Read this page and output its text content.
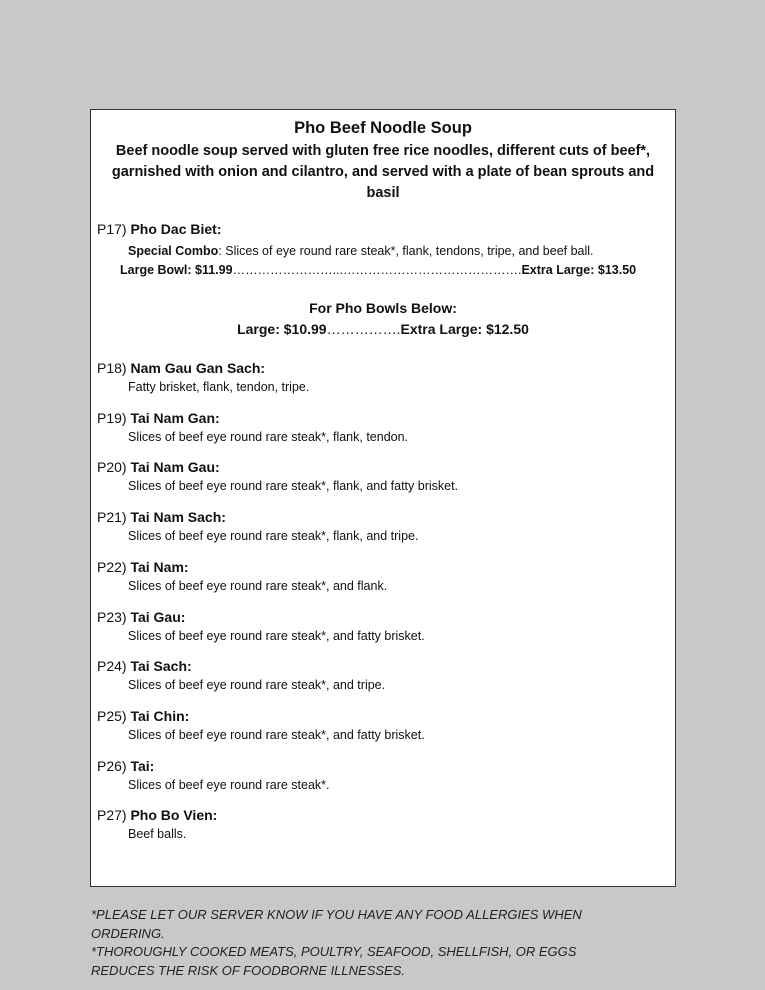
Pho Beef Noodle Soup
Beef noodle soup served with gluten free rice noodles, different cuts of beef*, garnished with onion and cilantro, and served with a plate of bean sprouts and basil
P17) Pho Dac Biet:
Special Combo: Slices of eye round rare steak*, flank, tendons, tripe, and beef ball.
Large Bowl: $11.99……………………...…………………………………….Extra Large: $13.50
For Pho Bowls Below:
Large: $10.99…………….Extra Large: $12.50
P18) Nam Gau Gan Sach:
Fatty brisket, flank, tendon, tripe.
P19) Tai Nam Gan:
Slices of beef eye round rare steak*, flank, tendon.
P20) Tai Nam Gau:
Slices of beef eye round rare steak*, flank, and fatty brisket.
P21) Tai Nam Sach:
Slices of beef eye round rare steak*, flank, and tripe.
P22) Tai Nam:
Slices of beef eye round rare steak*, and flank.
P23) Tai Gau:
Slices of beef eye round rare steak*, and fatty brisket.
P24) Tai Sach:
Slices of beef eye round rare steak*, and tripe.
P25) Tai Chin:
Slices of beef eye round rare steak*, and fatty brisket.
P26) Tai:
Slices of beef eye round rare steak*.
P27) Pho Bo Vien:
Beef balls.
*PLEASE LET OUR SERVER KNOW IF YOU HAVE ANY FOOD ALLERGIES WHEN
ORDERING.
*THOROUGHLY COOKED MEATS, POULTRY, SEAFOOD, SHELLFISH, OR EGGS
REDUCES THE RISK OF FOODBORNE ILLNESSES.
